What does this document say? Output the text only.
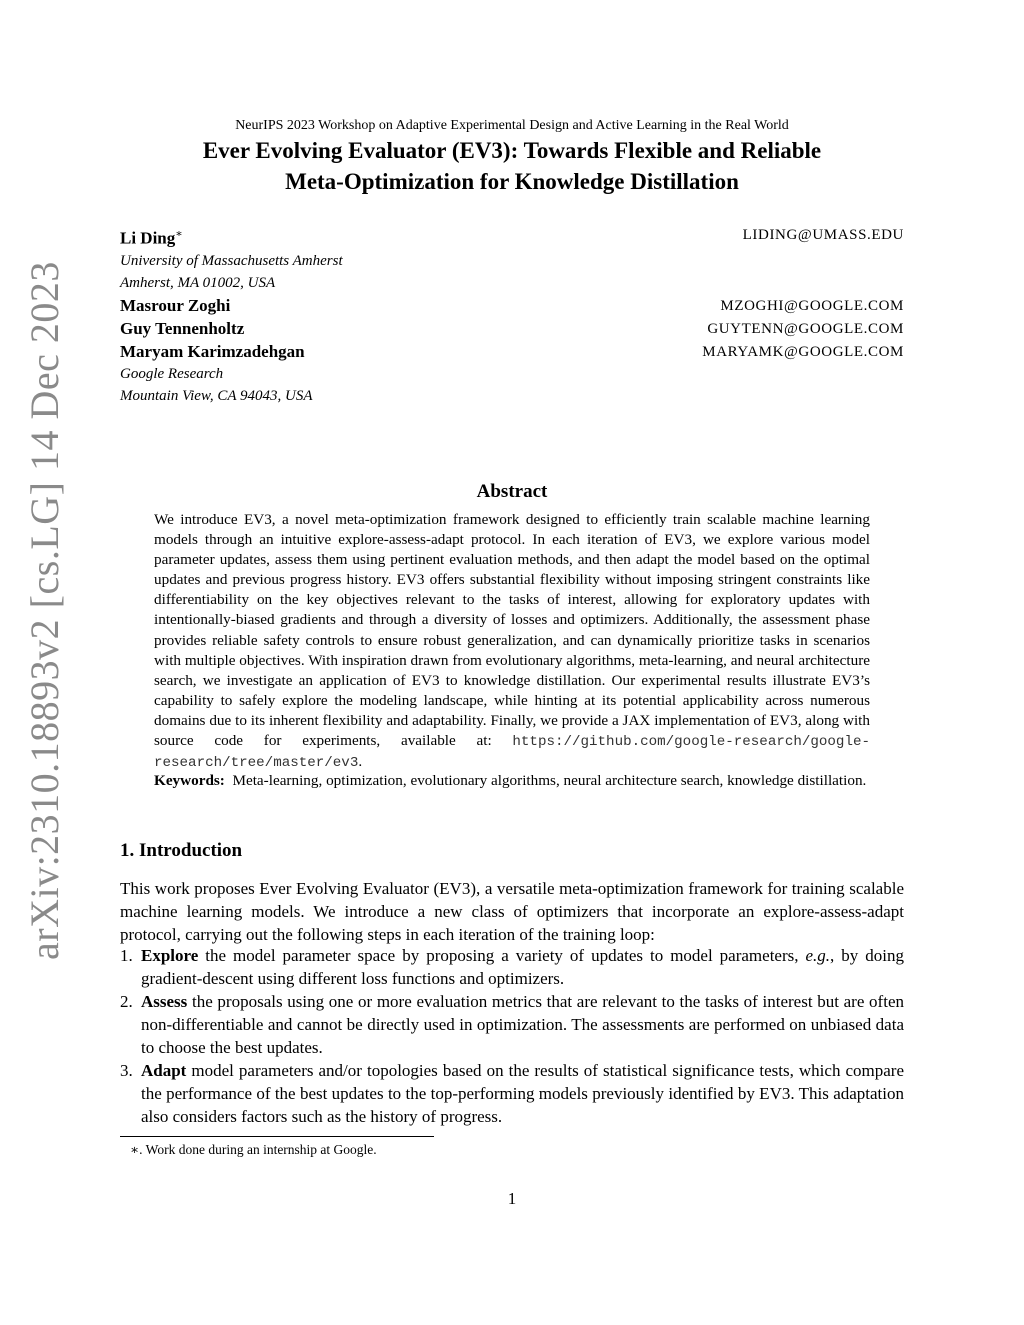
arXiv:2310.18893v2 [cs.LG] 14 Dec 2023
NeurIPS 2023 Workshop on Adaptive Experimental Design and Active Learning in the Real World
Ever Evolving Evaluator (EV3): Towards Flexible and Reliable
Meta-Optimization for Knowledge Distillation
Li Ding∗
University of Massachusetts Amherst
Amherst, MA 01002, USA
LIDING@UMASS.EDU
Masrour Zoghi
Guy Tennenholtz
Maryam Karimzadehgan
Google Research
Mountain View, CA 94043, USA
MZOGHI@GOOGLE.COM
GUYTENN@GOOGLE.COM
MARYAMK@GOOGLE.COM
Abstract
We introduce EV3, a novel meta-optimization framework designed to efficiently train scalable machine learning models through an intuitive explore-assess-adapt protocol. In each iteration of EV3, we explore various model parameter updates, assess them using pertinent evaluation methods, and then adapt the model based on the optimal updates and previous progress history. EV3 offers substantial flexibility without imposing stringent constraints like differentiability on the key objectives relevant to the tasks of interest, allowing for exploratory updates with intentionally-biased gradients and through a diversity of losses and optimizers. Additionally, the assessment phase provides reliable safety controls to ensure robust generalization, and can dynamically prioritize tasks in scenarios with multiple objectives. With inspiration drawn from evolutionary algorithms, meta-learning, and neural architecture search, we investigate an application of EV3 to knowledge distillation. Our experimental results illustrate EV3’s capability to safely explore the modeling landscape, while hinting at its potential applicability across numerous domains due to its inherent flexibility and adaptability. Finally, we provide a JAX implementation of EV3, along with source code for experiments, available at: https://github.com/google-research/google-research/tree/master/ev3.
Keywords: Meta-learning, optimization, evolutionary algorithms, neural architecture search, knowledge distillation.
1. Introduction
This work proposes Ever Evolving Evaluator (EV3), a versatile meta-optimization framework for training scalable machine learning models. We introduce a new class of optimizers that incorporate an explore-assess-adapt protocol, carrying out the following steps in each iteration of the training loop:
1. Explore the model parameter space by proposing a variety of updates to model parameters, e.g., by doing gradient-descent using different loss functions and optimizers.
2. Assess the proposals using one or more evaluation metrics that are relevant to the tasks of interest but are often non-differentiable and cannot be directly used in optimization. The assessments are performed on unbiased data to choose the best updates.
3. Adapt model parameters and/or topologies based on the results of statistical significance tests, which compare the performance of the best updates to the top-performing models previously identified by EV3. This adaptation also considers factors such as the history of progress.
∗. Work done during an internship at Google.
1
